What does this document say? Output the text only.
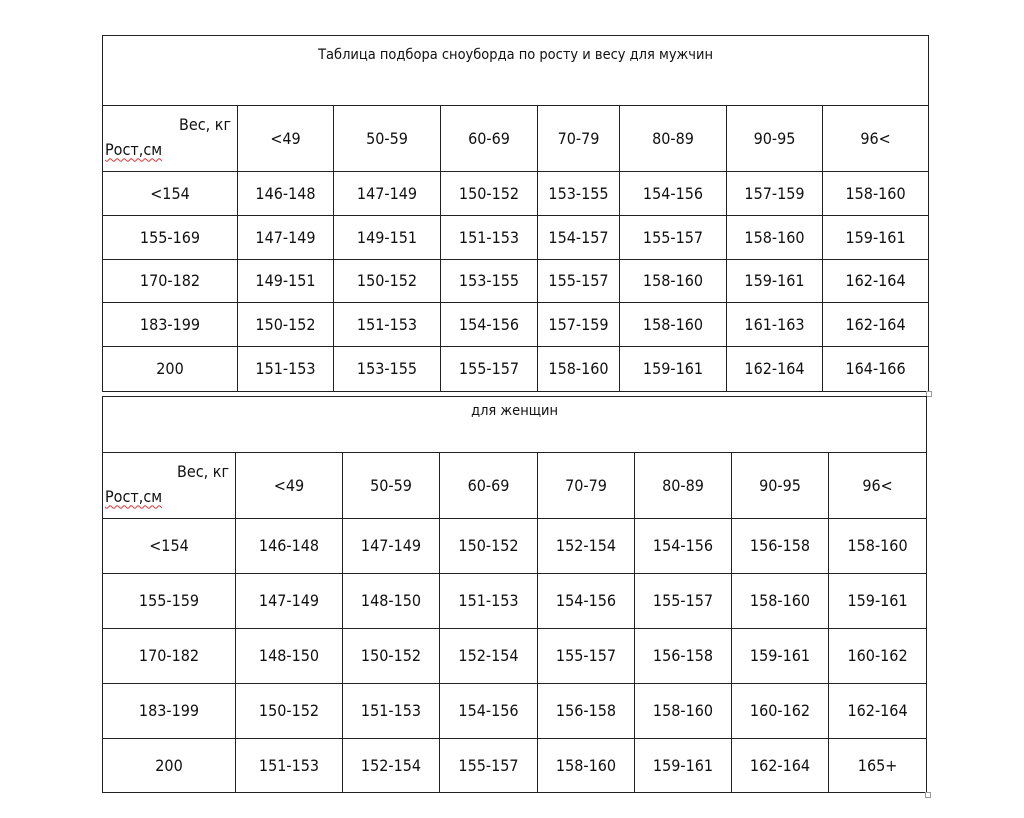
Таблица подбора сноуборда по росту и весу для мужчин							

Вес, кг
Рост,см	<49	50-59	60-69	70-79	80-89	90-95	96<
<154	146-148	147-149	150-152	153-155	154-156	157-159	158-160
155-169	147-149	149-151	151-153	154-157	155-157	158-160	159-161
170-182	149-151	150-152	153-155	155-157	158-160	159-161	162-164
183-199	150-152	151-153	154-156	157-159	158-160	161-163	162-164
200	151-153	153-155	155-157	158-160	159-161	162-164	164-166
для женщин							

Вес, кг
Рост,см	<49	50-59	60-69	70-79	80-89	90-95	96<
<154	146-148	147-149	150-152	152-154	154-156	156-158	158-160
155-159	147-149	148-150	151-153	154-156	155-157	158-160	159-161
170-182	148-150	150-152	152-154	155-157	156-158	159-161	160-162
183-199	150-152	151-153	154-156	156-158	158-160	160-162	162-164
200	151-153	152-154	155-157	158-160	159-161	162-164	165+
